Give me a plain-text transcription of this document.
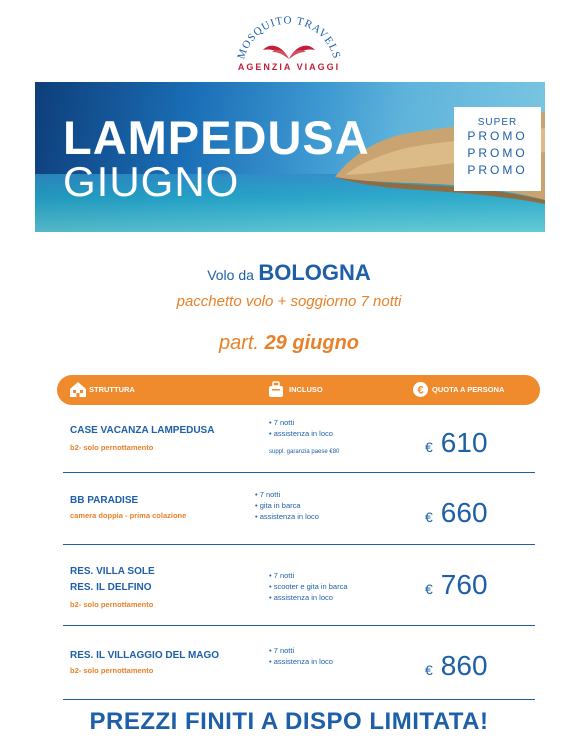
MOSQUITO TRAVELS
AGENZIA VIAGGI
LAMPEDUSA
GIUGNO
SUPER
PROMO
PROMO
PROMO
Volo da BOLOGNA
pacchetto volo + soggiorno 7 notti
part. 29 giugno
STRUTTURA	INCLUSO	€ QUOTA A PERSONA
CASE VACANZA LAMPEDUSA
b2- solo pernottamento
• 7 notti
• assistenza in loco
suppl. garanzia paese €80	€ 610
BB PARADISE
camera doppia - prima colazione
• 7 notti
• gita in barca
• assistenza in loco	€ 660
RES. VILLA SOLE
RES. IL DELFINO
b2- solo pernottamento
• 7 notti
• scooter e gita in barca
• assistenza in loco
€ 760
RES. IL VILLAGGIO DEL MAGO
b2- solo pernottamento
• 7 notti
• assistenza in loco
€ 860
PREZZI FINITI A DISPO LIMITATA!
